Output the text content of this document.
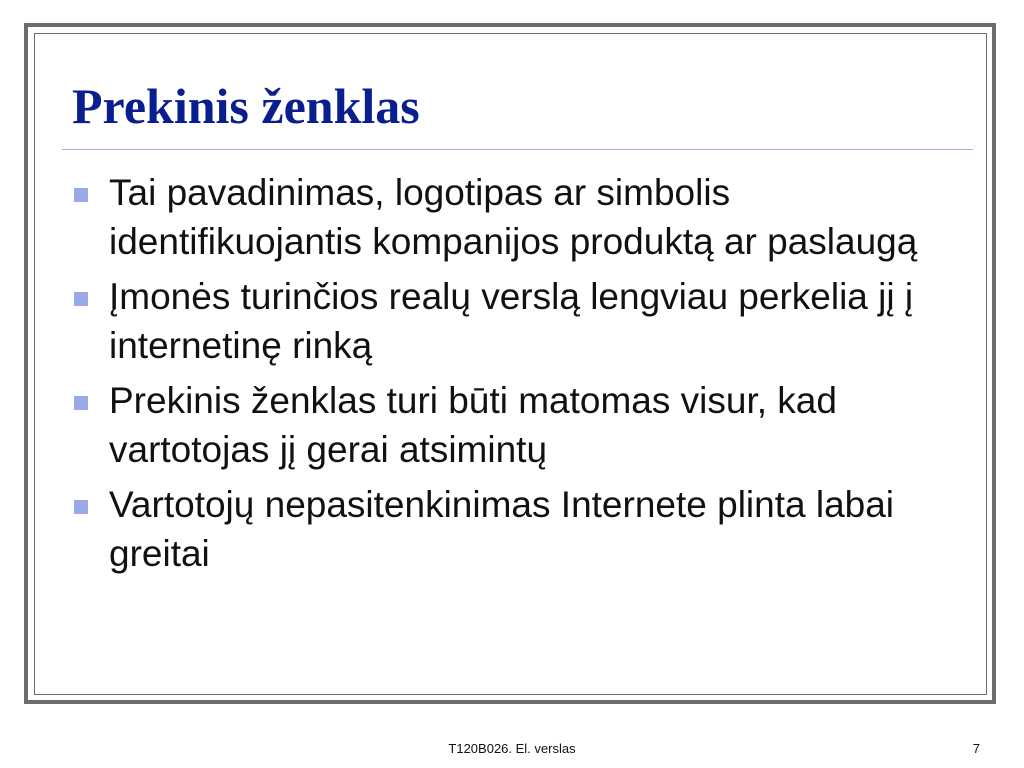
Prekinis ženklas
Tai pavadinimas, logotipas ar simbolis identifikuojantis kompanijos produktą ar paslaugą
Įmonės turinčios realų verslą lengviau perkelia jį į internetinę rinką
Prekinis ženklas turi būti matomas visur, kad vartotojas jį gerai atsimintų
Vartotojų nepasitenkinimas Internete plinta labai greitai
T120B026. El. verslas	7
